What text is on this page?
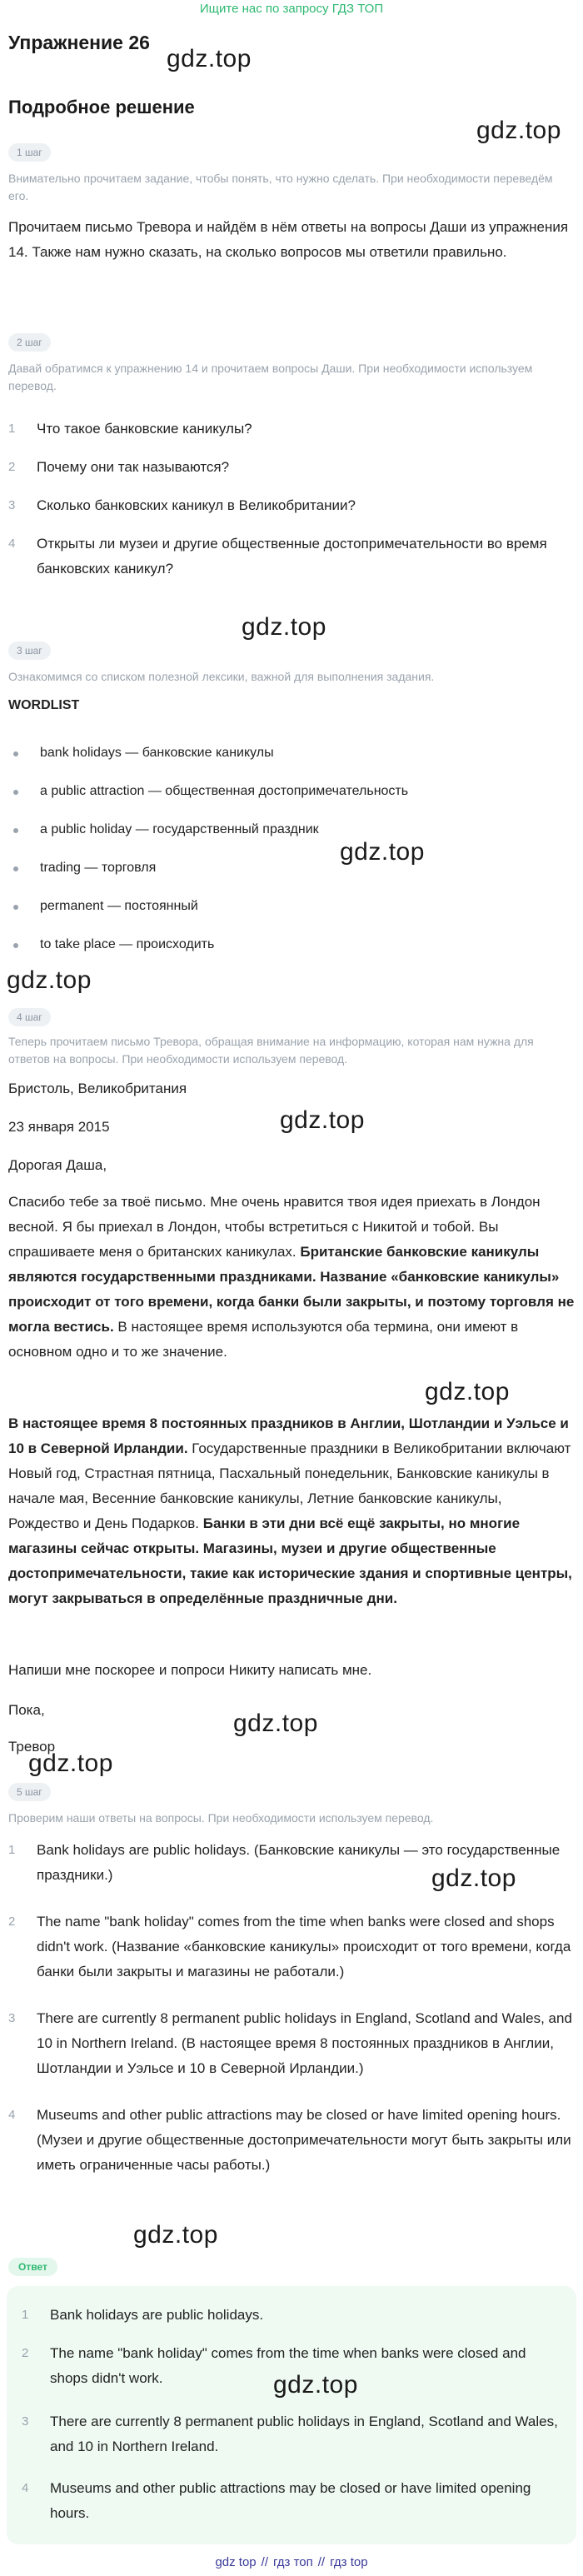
Ищите нас по запросу ГДЗ ТОП
Упражнение 26
gdz.top
Подробное решение
gdz.top
1 шаг
Внимательно прочитаем задание, чтобы понять, что нужно сделать. При необходимости переведём его.
Прочитаем письмо Тревора и найдём в нём ответы на вопросы Даши из упражнения 14. Также нам нужно сказать, на сколько вопросов мы ответили правильно.
2 шаг
Давай обратимся к упражнению 14 и прочитаем вопросы Даши. При необходимости используем перевод.
1	Что такое банковские каникулы?
2	Почему они так называются?
3	Сколько банковских каникул в Великобритании?
4	Открыты ли музеи и другие общественные достопримечательности во время банковских каникул?
gdz.top
3 шаг
Ознакомимся со списком полезной лексики, важной для выполнения задания.
WORDLIST
bank holidays — банковские каникулы
a public attraction — общественная достопримечательность
a public holiday — государственный праздник
gdz.top
trading — торговля
permanent — постоянный
to take place — происходить
gdz.top
4 шаг
Теперь прочитаем письмо Тревора, обращая внимание на информацию, которая нам нужна для ответов на вопросы. При необходимости используем перевод.
Бристоль, Великобритания
23 января 2015	gdz.top
Дорогая Даша,
Спасибо тебе за твоё письмо. Мне очень нравится твоя идея приехать в Лондон весной. Я бы приехал в Лондон, чтобы встретиться с Никитой и тобой. Вы спрашиваете меня о британских каникулах. Британские банковские каникулы являются государственными праздниками. Название «банковские каникулы» происходит от того времени, когда банки были закрыты, и поэтому торговля не могла вестись. В настоящее время используются оба термина, они имеют в основном одно и то же значение.
gdz.top
В настоящее время 8 постоянных праздников в Англии, Шотландии и Уэльсе и 10 в Северной Ирландии. Государственные праздники в Великобритании включают Новый год, Страстная пятница, Пасхальный понедельник, Банковские каникулы в начале мая, Весенние банковские каникулы, Летние банковские каникулы, Рождество и День Подарков. Банки в эти дни всё ещё закрыты, но многие магазины сейчас открыты. Магазины, музеи и другие общественные достопримечательности, такие как исторические здания и спортивные центры, могут закрываться в определённые праздничные дни.
Напиши мне поскорее и попроси Никиту написать мне.
Пока,	gdz.top
Тревор
gdz.top
5 шаг
Проверим наши ответы на вопросы. При необходимости используем перевод.
1	Bank holidays are public holidays. (Банковские каникулы — это государственные праздники.)	gdz.top
2	The name "bank holiday" comes from the time when banks were closed and shops didn't work. (Название «банковские каникулы» происходит от того времени, когда банки были закрыты и магазины не работали.)
3	There are currently 8 permanent public holidays in England, Scotland and Wales, and 10 in Northern Ireland. (В настоящее время 8 постоянных праздников в Англии, Шотландии и Уэльсе и 10 в Северной Ирландии.)
4	Museums and other public attractions may be closed or have limited opening hours. (Музеи и другие общественные достопримечательности могут быть закрыты или иметь ограниченные часы работы.)
gdz.top
Ответ
1	Bank holidays are public holidays.
2	The name "bank holiday" comes from the time when banks were closed and shops didn't work.	gdz.top
3	There are currently 8 permanent public holidays in England, Scotland and Wales, and 10 in Northern Ireland.
4	Museums and other public attractions may be closed or have limited opening hours.
gdz top // гдз топ // гдз top
